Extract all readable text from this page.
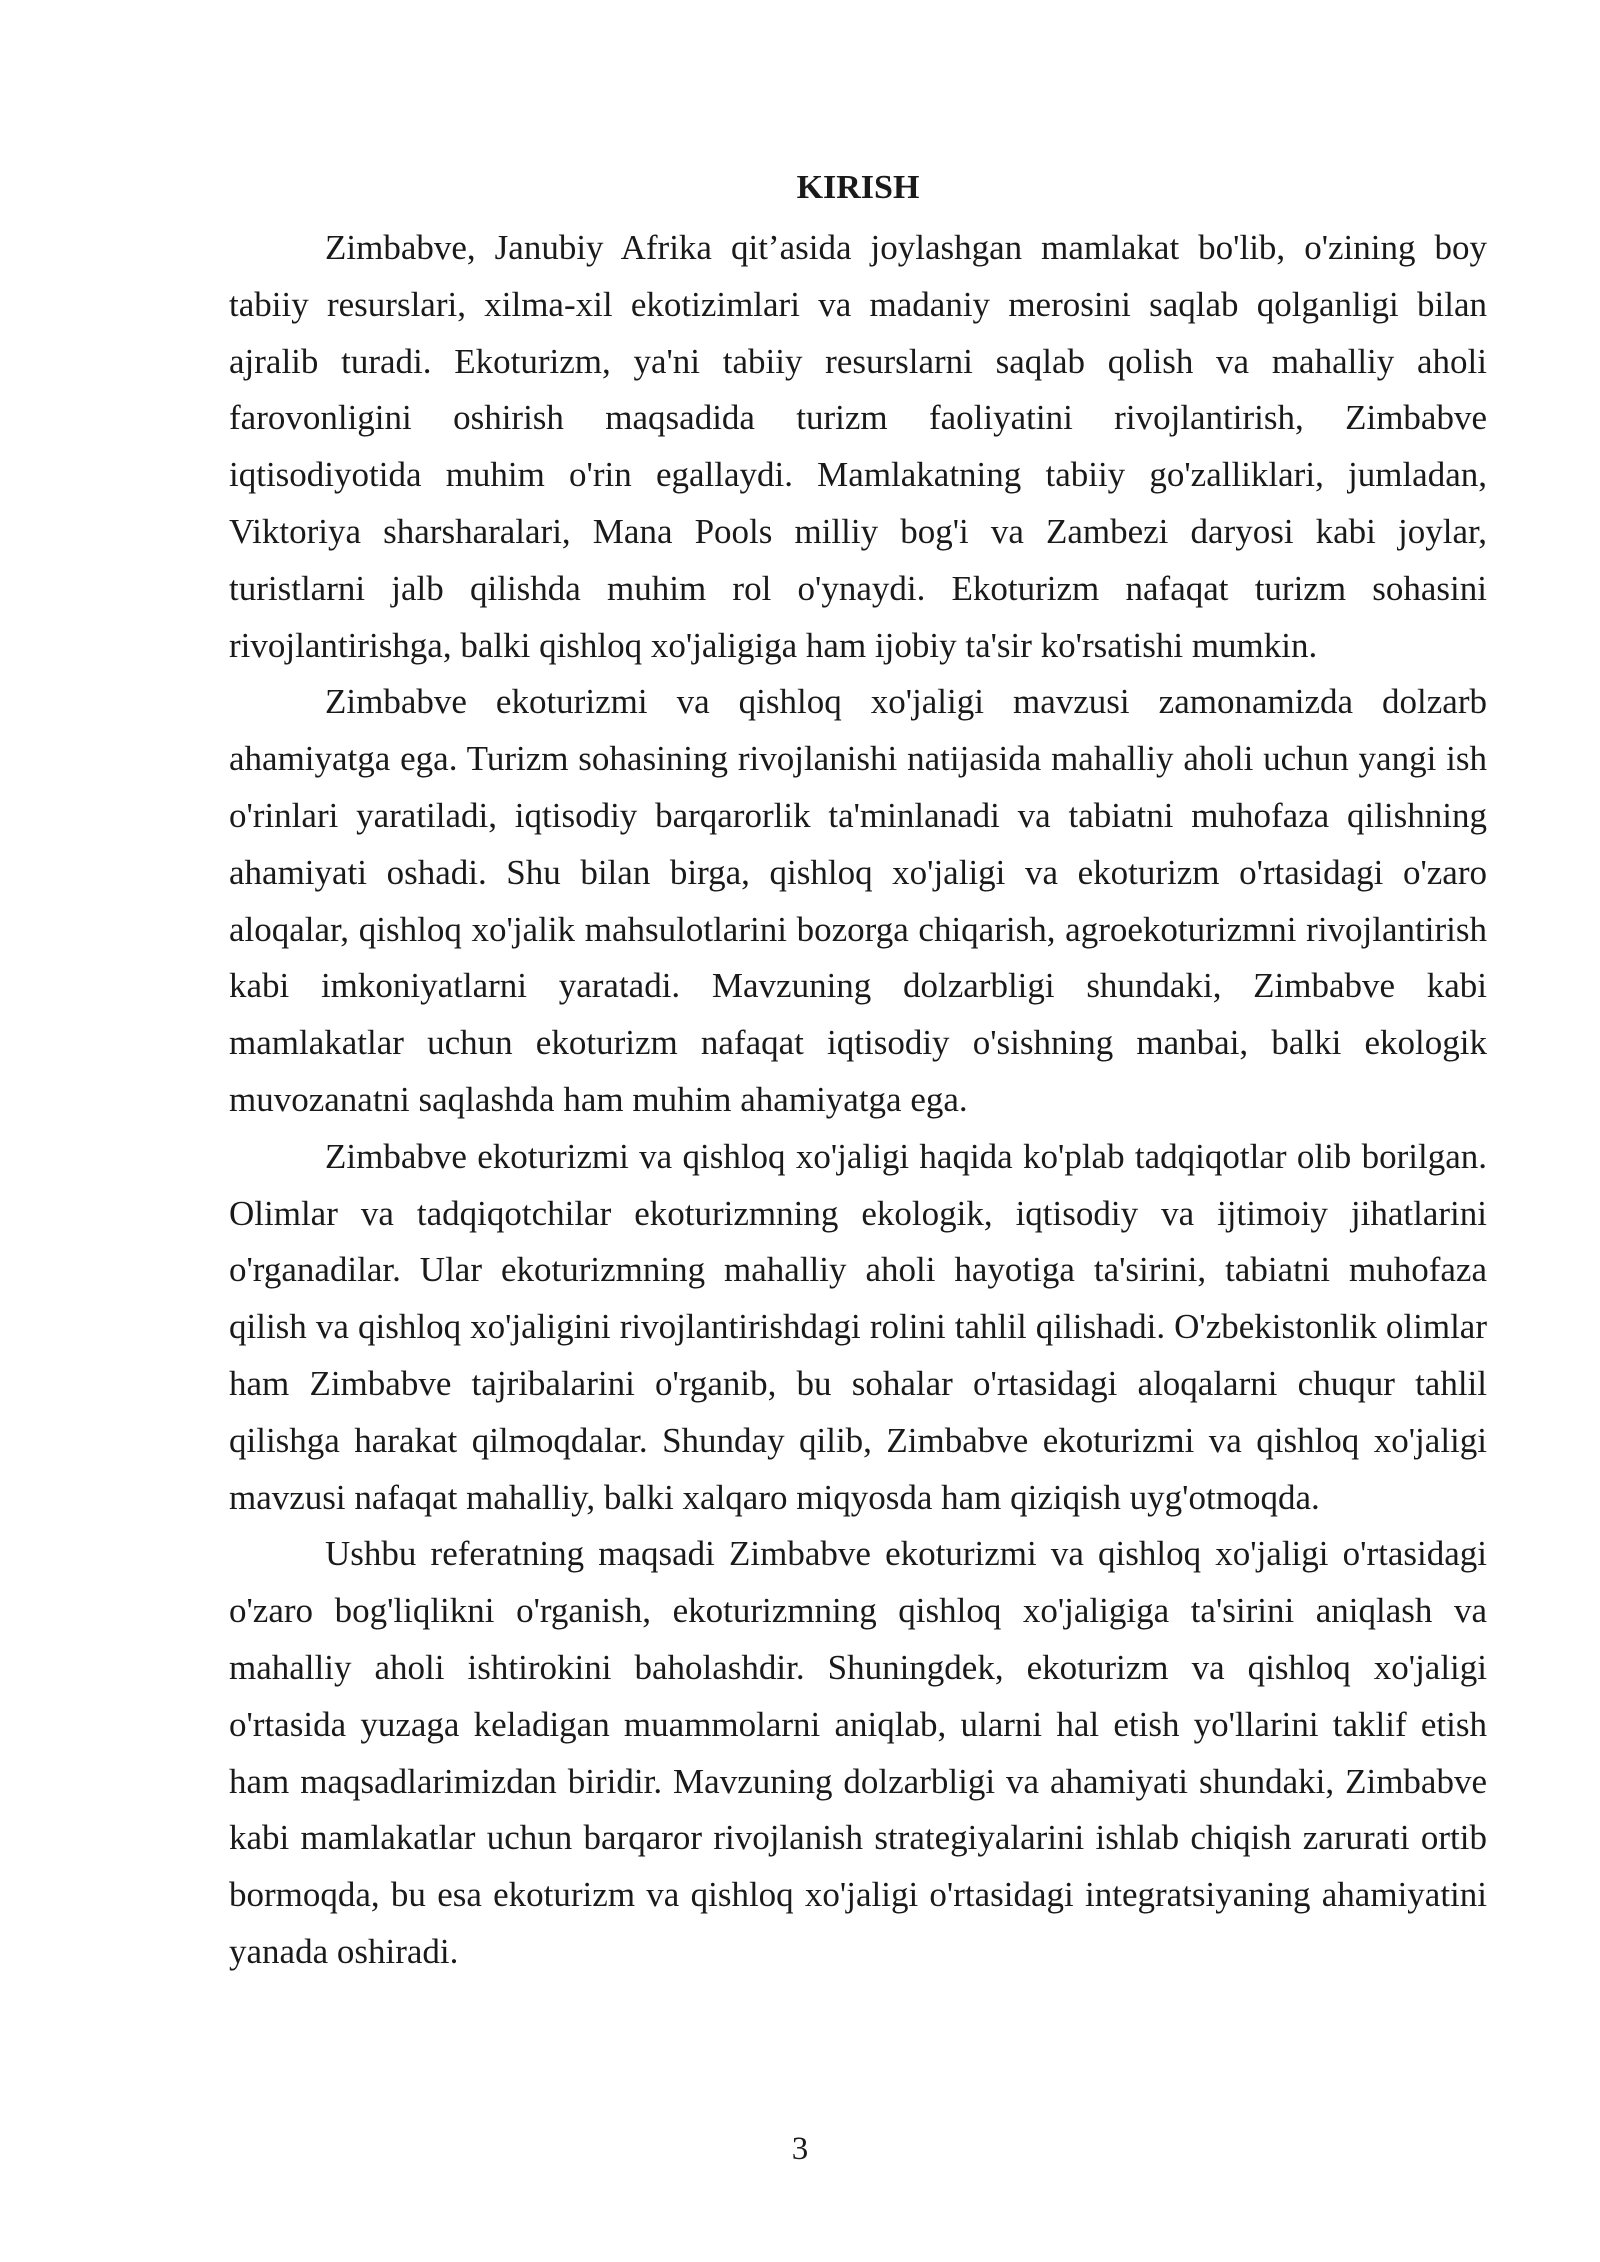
KIRISH

Zimbabve, Janubiy Afrika qit’asida joylashgan mamlakat bo'lib, o'zining boy tabiiy resurslari, xilma-xil ekotizimlari va madaniy merosini saqlab qolganligi bilan ajralib turadi. Ekoturizm, ya'ni tabiiy resurslarni saqlab qolish va mahalliy aholi farovonligini oshirish maqsadida turizm faoliyatini rivojlantirish, Zimbabve iqtisodiyotida muhim o'rin egallaydi. Mamlakatning tabiiy go'zalliklari, jumladan, Viktoriya sharsharalari, Mana Pools milliy bog'i va Zambezi daryosi kabi joylar, turistlarni jalb qilishda muhim rol o'ynaydi. Ekoturizm nafaqat turizm sohasini rivojlantirishga, balki qishloq xo'jaligiga ham ijobiy ta'sir ko'rsatishi mumkin.

Zimbabve ekoturizmi va qishloq xo'jaligi mavzusi zamonamizda dolzarb ahamiyatga ega. Turizm sohasining rivojlanishi natijasida mahalliy aholi uchun yangi ish o'rinlari yaratiladi, iqtisodiy barqarorlik ta'minlanadi va tabiatni muhofaza qilishning ahamiyati oshadi. Shu bilan birga, qishloq xo'jaligi va ekoturizm o'rtasidagi o'zaro aloqalar, qishloq xo'jalik mahsulotlarini bozorga chiqarish, agroekoturizmni rivojlantirish kabi imkoniyatlarni yaratadi. Mavzuning dolzarbligi shundaki, Zimbabve kabi mamlakatlar uchun ekoturizm nafaqat iqtisodiy o'sishning manbai, balki ekologik muvozanatni saqlashda ham muhim ahamiyatga ega.

Zimbabve ekoturizmi va qishloq xo'jaligi haqida ko'plab tadqiqotlar olib borilgan. Olimlar va tadqiqotchilar ekoturizmning ekologik, iqtisodiy va ijtimoiy jihatlarini o'rganadilar. Ular ekoturizmning mahalliy aholi hayotiga ta'sirini, tabiatni muhofaza qilish va qishloq xo'jaligini rivojlantirishdagi rolini tahlil qilishadi. O'zbekistonlik olimlar ham Zimbabve tajribalarini o'rganib, bu sohalar o'rtasidagi aloqalarni chuqur tahlil qilishga harakat qilmoqdalar. Shunday qilib, Zimbabve ekoturizmi va qishloq xo'jaligi mavzusi nafaqat mahalliy, balki xalqaro miqyosda ham qiziqish uyg'otmoqda.

Ushbu referatning maqsadi Zimbabve ekoturizmi va qishloq xo'jaligi o'rtasidagi o'zaro bog'liqlikni o'rganish, ekoturizmning qishloq xo'jaligiga ta'sirini aniqlash va mahalliy aholi ishtirokini baholashdir. Shuningdek, ekoturizm va qishloq xo'jaligi o'rtasida yuzaga keladigan muammolarni aniqlab, ularni hal etish yo'llarini taklif etish ham maqsadlarimizdan biridir. Mavzuning dolzarbligi va ahamiyati shundaki, Zimbabve kabi mamlakatlar uchun barqaror rivojlanish strategiyalarini ishlab chiqish zarurati ortib bormoqda, bu esa ekoturizm va qishloq xo'jaligi o'rtasidagi integratsiyaning ahamiyatini yanada oshiradi.

3
